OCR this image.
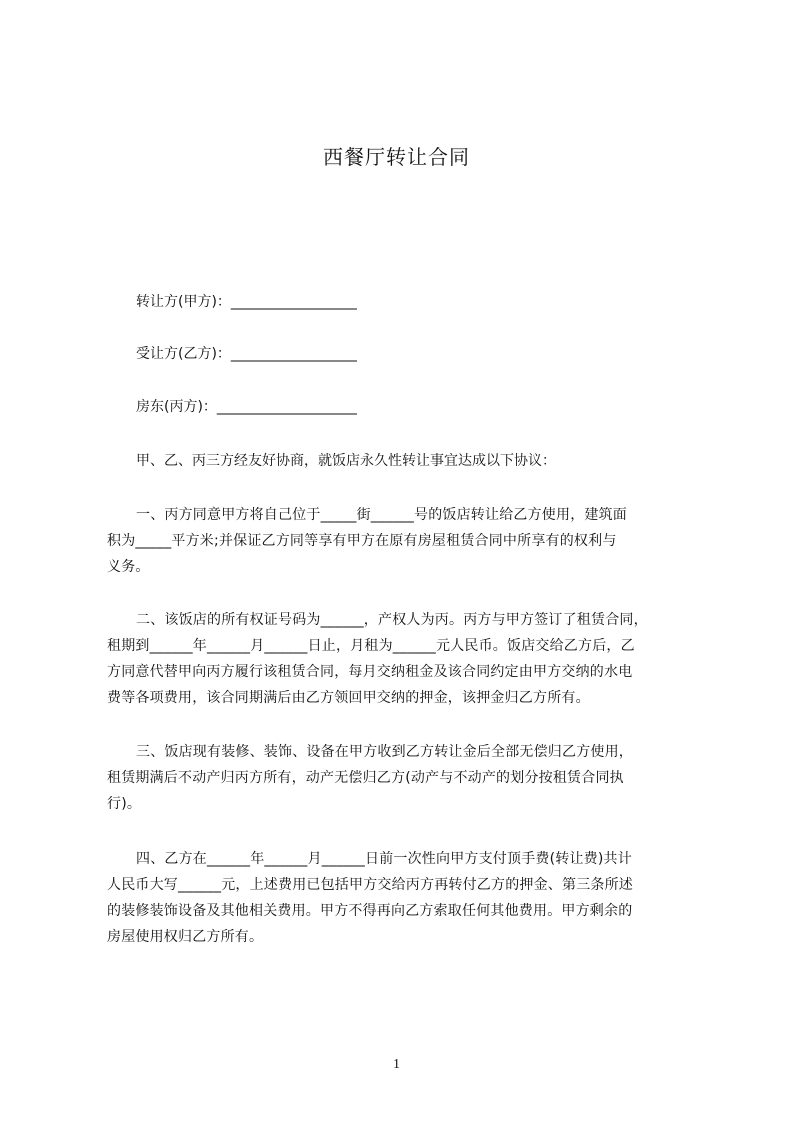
西餐厅转让合同
转让方(甲方)：__________________
受让方(乙方)：__________________
房东(丙方)：____________________
甲、乙、丙三方经友好协商，就饭店永久性转让事宜达成以下协议：
一、丙方同意甲方将自己位于_____街______号的饭店转让给乙方使用，建筑面
积为_____平方米;并保证乙方同等享有甲方在原有房屋租赁合同中所享有的权利与
义务。
二、该饭店的所有权证号码为______，产权人为丙。丙方与甲方签订了租赁合同，
租期到______年______月______日止，月租为______元人民币。饭店交给乙方后，乙
方同意代替甲向丙方履行该租赁合同，每月交纳租金及该合同约定由甲方交纳的水电
费等各项费用，该合同期满后由乙方领回甲交纳的押金，该押金归乙方所有。
三、饭店现有装修、装饰、设备在甲方收到乙方转让金后全部无偿归乙方使用，
租赁期满后不动产归丙方所有，动产无偿归乙方(动产与不动产的划分按租赁合同执
行)。
四、乙方在______年______月______日前一次性向甲方支付顶手费(转让费)共计
人民币大写______元，上述费用已包括甲方交给丙方再转付乙方的押金、第三条所述
的装修装饰设备及其他相关费用。甲方不得再向乙方索取任何其他费用。甲方剩余的
房屋使用权归乙方所有。
1
